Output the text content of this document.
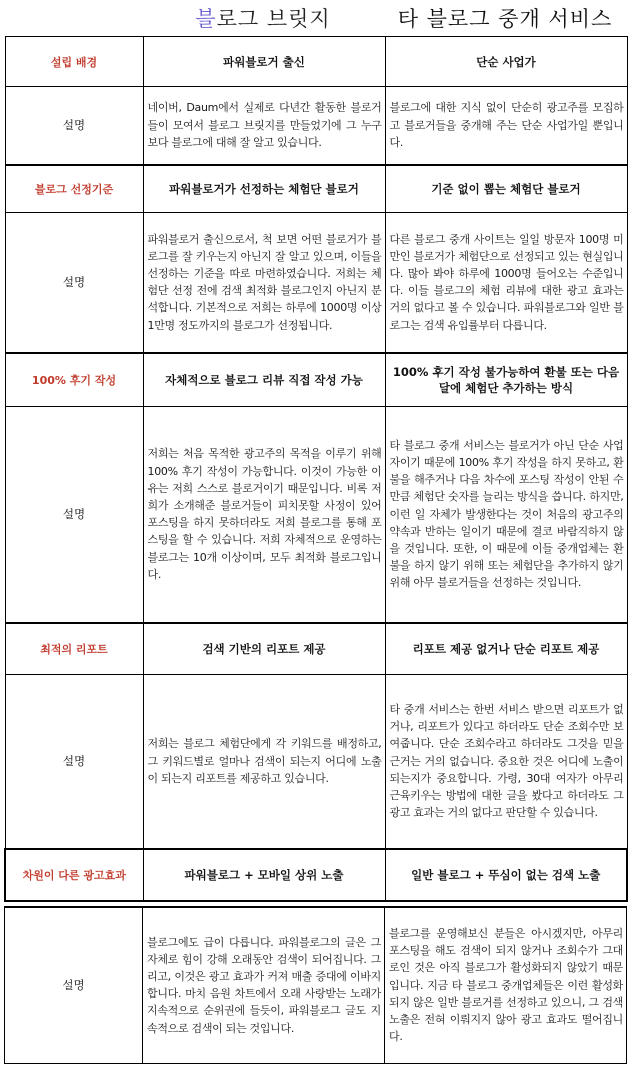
블 로그 브릿지	타 블로그 중개 서비스
설립 배경	파워블로거 출신	단순 사업가
설명	네이버, Daum에서 실제로 다년간 활동한 블로거들이 모여서 블로그 브릿지를 만들었기에 그 누구보다 블로그에 대해 잘 알고 있습니다.	블로그에 대한 지식 없이 단순히 광고주를 모집하고 블로거들을 중개해 주는 단순 사업가일 뿐입니다.
블로그 선정기준	파워블로거가 선정하는 체험단 블로거	기준 없이 뽑는 체험단 블로거
설명	파워블로거 출신으로서, 척 보면 어떤 블로거가 블로그를 잘 키우는지 아닌지 잘 알고 있으며, 이들을 선정하는 기준을 따로 마련하였습니다. 저희는 체험단 선정 전에 검색 최적화 블로그인지 아닌지 분석합니다. 기본적으로 저희는 하루에 1000명 이상 1만명 정도까지의 블로그가 선정됩니다.	다른 블로그 중개 사이트는 일일 방문자 100명 미만인 블로거가 체험단으로 선정되고 있는 현실입니다. 많아 봐야 하루에 1000명 들어오는 수준입니다. 이들 블로그의 체험 리뷰에 대한 광고 효과는 거의 없다고 볼 수 있습니다. 파워블로그와 일반 블로그는 검색 유입률부터 다릅니다.
100% 후기 작성	자체적으로 블로그 리뷰 직접 작성 가능	100% 후기 작성 불가능하여 환불 또는 다음달에 체험단 추가하는 방식
설명	저희는 처음 목적한 광고주의 목적을 이루기 위해 100% 후기 작성이 가능합니다. 이것이 가능한 이유는 저희 스스로 블로거이기 때문입니다. 비록 저희가 소개해준 블로거들이 피치못할 사정이 있어 포스팅을 하지 못하더라도 저희 블로그를 통해 포스팅을 할 수 있습니다. 저희 자체적으로 운영하는 블로그는 10개 이상이며, 모두 최적화 블로그입니다.	타 블로그 중개 서비스는 블로거가 아닌 단순 사업자이기 때문에 100% 후기 작성을 하지 못하고, 환불을 해주거나 다음 차수에 포스팅 작성이 안된 수만큼 체험단 숫자를 늘리는 방식을 씁니다. 하지만, 이런 일 자체가 발생한다는 것이 처음의 광고주의 약속과 반하는 일이기 때문에 결코 바람직하지 않을 것입니다. 또한, 이 때문에 이들 중개업체는 환불을 하지 않기 위해 또는 체험단을 추가하지 않기 위해 아무 블로거들을 선정하는 것입니다.
최적의 리포트	검색 기반의 리포트 제공	리포트 제공 없거나 단순 리포트 제공
설명	저희는 블로그 체험단에게 각 키워드를 배정하고, 그 키워드별로 얼마나 검색이 되는지 어디에 노출이 되는지 리포트를 제공하고 있습니다.	타 중개 서비스는 한번 서비스 받으면 리포트가 없거나, 리포트가 있다고 하더라도 단순 조회수만 보여줍니다. 단순 조회수라고 하더라도 그것을 믿을 근거는 거의 없습니다. 중요한 것은 어디에 노출이 되는지가 중요합니다. 가령, 30대 여자가 아무리 근육키우는 방법에 대한 글을 봤다고 하더라도 그 광고 효과는 거의 없다고 판단할 수 있습니다.
차원이 다른 광고효과	파워블로그 + 모바일 상위 노출	일반 블로그 + 뚜심이 없는 검색 노출
설명	블로그에도 급이 다릅니다. 파워블로그의 글은 그 자체로 힘이 강해 오래동안 검색이 되어집니다. 그리고, 이것은 광고 효과가 커져 매출 증대에 이바지합니다. 마치 음원 차트에서 오래 사랑받는 노래가 지속적으로 순위권에 들듯이, 파워블로그 글도 지속적으로 검색이 되는 것입니다.	블로그를 운영해보신 분들은 아시겠지만, 아무리 포스팅을 해도 검색이 되지 않거나 조회수가 그대로인 것은 아직 블로그가 활성화되지 않았기 때문입니다. 지금 타 블로그 중개업체들은 이런 활성화되지 않은 일반 블로거를 선정하고 있으니, 그 검색 노출은 전혀 이뤄지지 않아 광고 효과도 떨어집니다.
